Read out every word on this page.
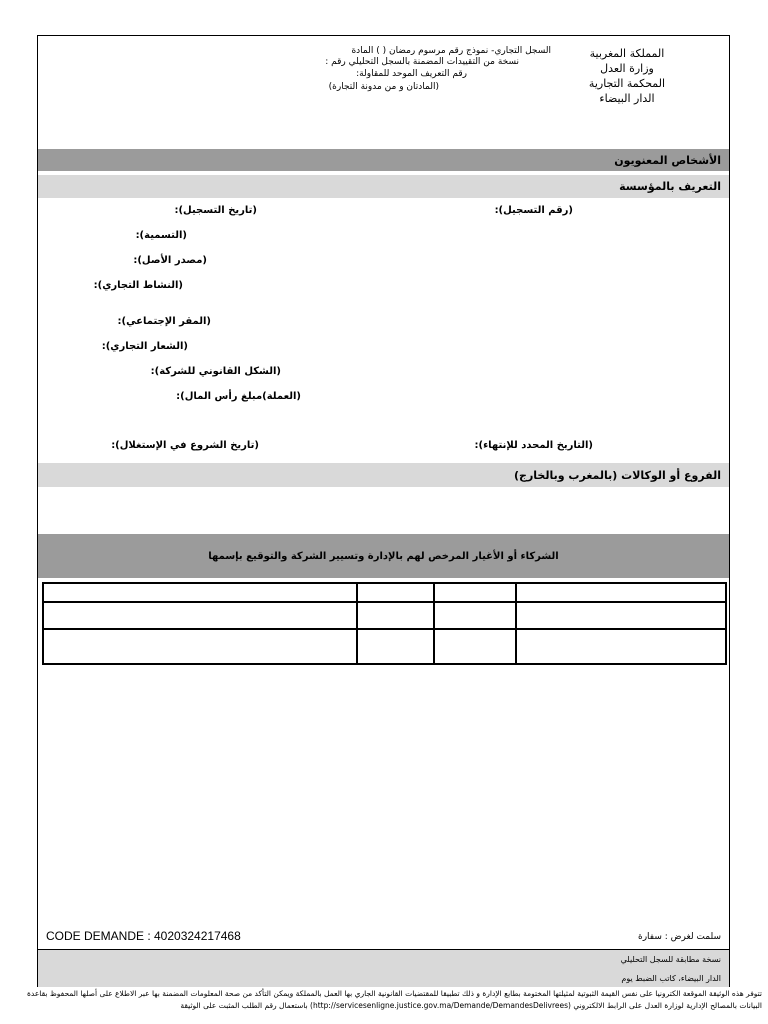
المملكة المغربية
وزارة العدل
المحكمة التجارية
الدار البيضاء
السجل التجاري- نموذج رقم مرسوم رمضان ( ) المادة
نسخة من التقييدات المضمنة بالسجل التحليلي رقم :
رقم التعريف الموحد للمقاولة:
(المادتان و من مدونة التجارة)
الأشخاص المعنويون
التعريف بالمؤسسة
(رقم التسجيل):
(تاريخ التسجيل):
(التسمية):
(مصدر الأصل):
(النشاط التجاري):
(المقر الإجتماعي):
(الشعار التجاري):
(الشكل القانوني للشركة):
(العملة)مبلغ رأس المال):
(التاريخ المحدد للإنتهاء):
(تاريخ الشروع في الإستغلال):
الفروع أو الوكالات (بالمغرب وبالخارج)
الشركاء أو الأغيار المرخص لهم بالإدارة وتسيير الشركة والتوقيع بإسمها

CODE DEMANDE : 4020324217468	سلمت لغرض : سفارة
نسخة مطابقة للسجل التحليلي
الدار البيضاء، كاتب الضبط يوم
تتوفر هذه الوثيقة الموقعة الكترونيا على نفس القيمة الثبوتية لمثيلتها المختومة بطابع الإدارة و ذلك تطبيقا للمقتضيات القانونية الجاري بها العمل بالمملكة ويمكن التأكد من صحة المعلومات المضمنة بها عبر الاطلاع على أصلها المحفوظ بقاعدة البيانات بالمصالح الإدارية لوزارة العدل على الرابط الالكتروني (http://servicesenligne.justice.gov.ma/Demande/DemandesDelivrees) باستعمال رقم الطلب المثبت على الوثيقة
